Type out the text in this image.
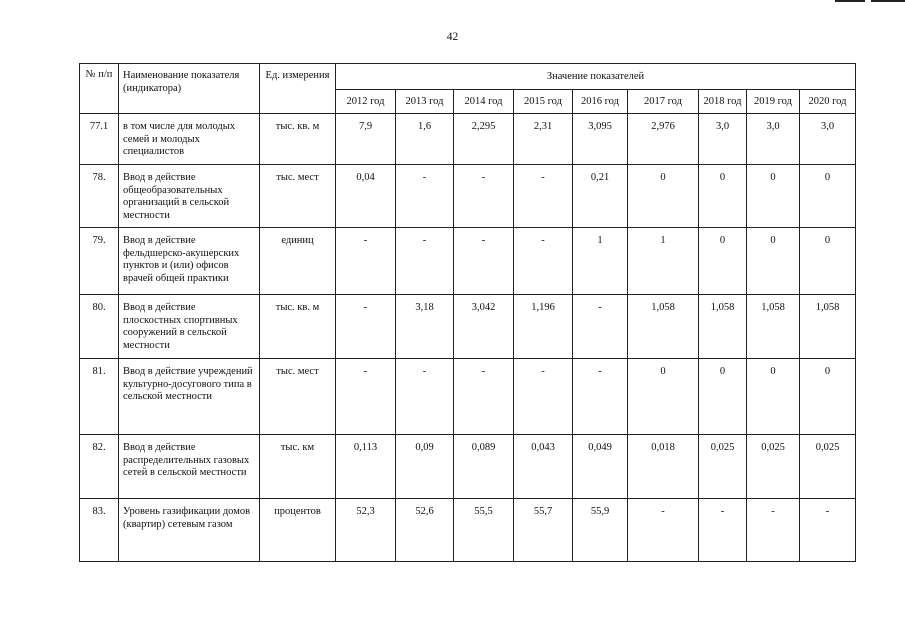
42
№ п/п	Наименование показателя (индикатора)	Ед. измерения	Значение показателей								
			2012 год	2013 год	2014 год	2015 год	2016 год	2017 год	2018 год	2019 год	2020 год
77.1	в том числе для молодых семей и молодых специалистов	тыс. кв. м	7,9	1,6	2,295	2,31	3,095	2,976	3,0	3,0	3,0
78.	Ввод в действие общеобразовательных организаций в сельской местности	тыс. мест	0,04	-	-	-	0,21	0	0	0	0
79.	Ввод в действие фельдшерско-акушерских пунктов и (или) офисов врачей общей практики	единиц	-	-	-	-	1	1	0	0	0
80.	Ввод в действие плоскостных спортивных сооружений в сельской местности	тыс. кв. м	-	3,18	3,042	1,196	-	1,058	1,058	1,058	1,058
81.	Ввод в действие учреждений культурно-досугового типа в сельской местности	тыс. мест	-	-	-	-	-	0	0	0	0
82.	Ввод в действие распределительных газовых сетей в сельской местности	тыс. км	0,113	0,09	0,089	0,043	0,049	0,018	0,025	0,025	0,025
83.	Уровень газификации домов (квартир) сетевым газом	процентов	52,3	52,6	55,5	55,7	55,9	-	-	-	-
